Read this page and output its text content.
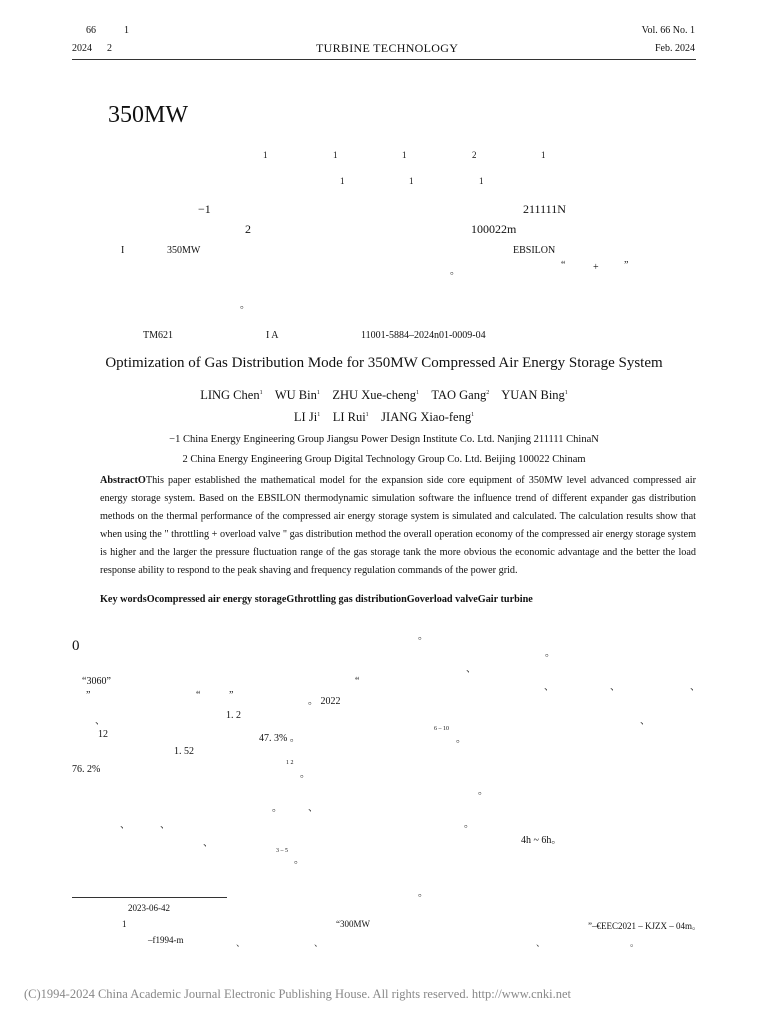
66	1
2024 2	TURBINE TECHNOLOGY
Vol. 66 No. 1
Feb. 2024
350MW
1	1	1	2	1
1	1	1
−1	211111N
2	100022m
I	350MW	EBSILON
。
“	+	”
。
TM621	I A	11001-5884–2024n01-0009-04
Optimization of Gas Distribution Mode for 350MW Compressed Air Energy Storage System
LING Chen$^1$ WU Bin$^1$ ZHU Xue-cheng$^1$ TAO Gang$^2$ YUAN Bing$^1$
LI Ji$^1$ LI Rui$^1$ JIANG Xiao-feng$^1$
−1 China Energy Engineering Group Jiangsu Power Design Institute Co. Ltd. Nanjing 211111 ChinaN
2 China Energy Engineering Group Digital Technology Group Co. Ltd. Beijing 100022 Chinam
AbstractOThis paper established the mathematical model for the expansion side core equipment of 350MW level advanced compressed air energy storage system. Based on the EBSILON thermodynamic simulation software the influence trend of different expander gas distribution methods on the thermal performance of the compressed air energy storage system is simulated and calculated. The calculation results show that when using the " throttling + overload valve " gas distribution method the overall operation economy of the compressed air energy storage system is higher and the larger the pressure fluctuation range of the gas storage tank the more obvious the economic advantage and the better the load response ability to respond to the peak shaving and frequency regulation commands of the power grid.
Key wordsOcompressed air energy storageGthrottling gas distributionGoverload valveGair turbine
0
“3060”
”	“	”
。 2022
、
1. 2
12	47. 3% 。
1. 52
76. 2%
1 2
。
。	、
、	、
、
3 – 5
。
。
。
、
“
、	、	、
、
6 – 10
。
。
。
4h ~ 6h。
。
2023-06-42
1	“300MW	”–€EEC2021 – KJZX – 04m。
–f1994-m	、	、	、	。
(C)1994-2024 China Academic Journal Electronic Publishing House. All rights reserved. http://www.cnki.net
